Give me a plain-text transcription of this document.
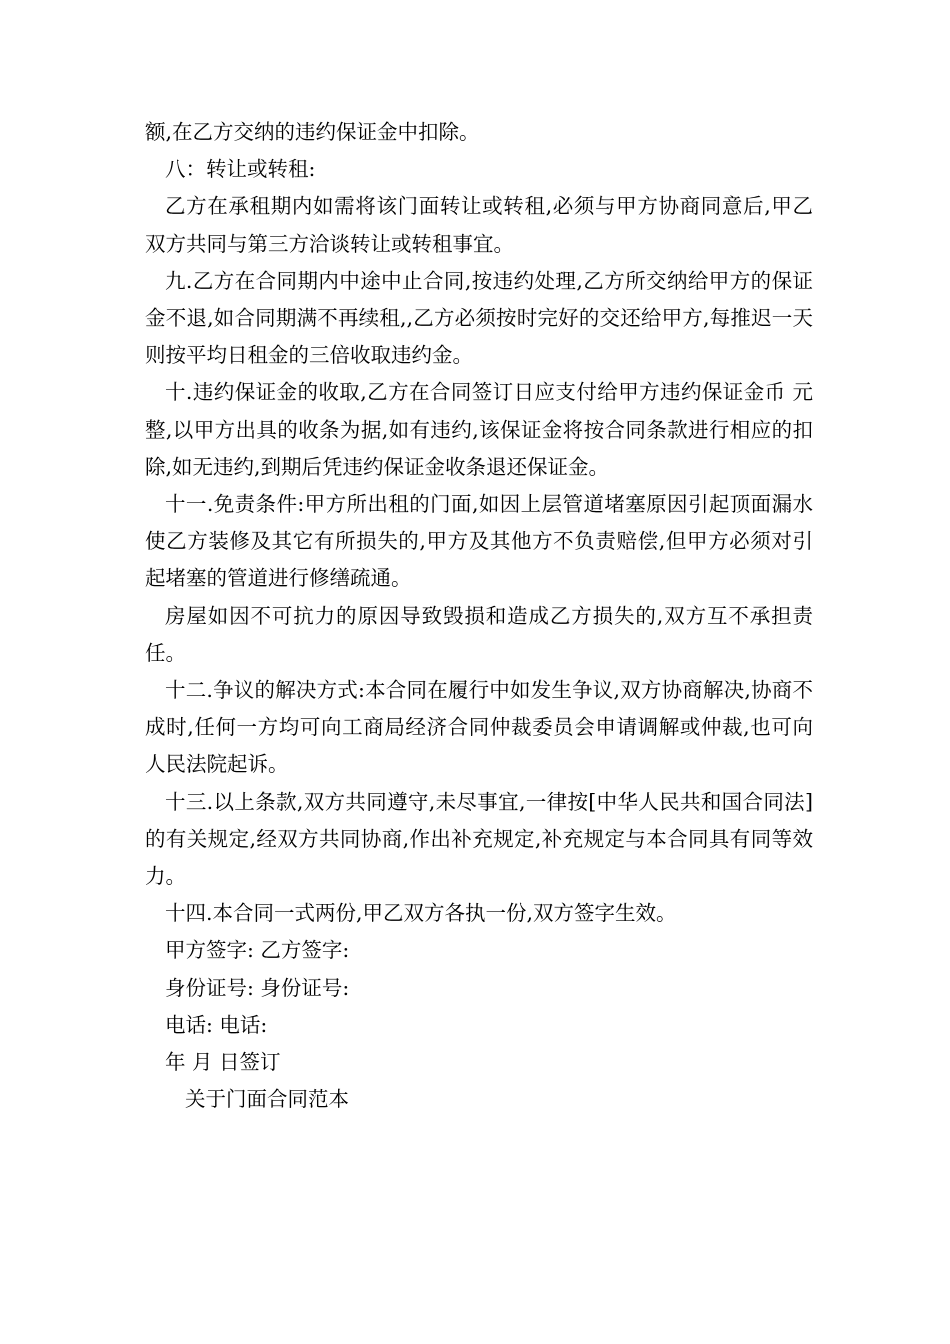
额,在乙方交纳的违约保证金中扣除。

八：转让或转租:

乙方在承租期内如需将该门面转让或转租,必须与甲方协商同意后,甲乙双方共同与第三方洽谈转让或转租事宜。

九.乙方在合同期内中途中止合同,按违约处理,乙方所交纳给甲方的保证金不退,如合同期满不再续租,,乙方必须按时完好的交还给甲方,每推迟一天则按平均日租金的三倍收取违约金。

十.违约保证金的收取,乙方在合同签订日应支付给甲方违约保证金币 元整,以甲方出具的收条为据,如有违约,该保证金将按合同条款进行相应的扣除,如无违约,到期后凭违约保证金收条退还保证金。

十一.免责条件:甲方所出租的门面,如因上层管道堵塞原因引起顶面漏水使乙方装修及其它有所损失的,甲方及其他方不负责赔偿,但甲方必须对引起堵塞的管道进行修缮疏通。

房屋如因不可抗力的原因导致毁损和造成乙方损失的,双方互不承担责任。

十二.争议的解决方式:本合同在履行中如发生争议,双方协商解决,协商不成时,任何一方均可向工商局经济合同仲裁委员会申请调解或仲裁,也可向人民法院起诉。

十三.以上条款,双方共同遵守,未尽事宜,一律按[中华人民共和国合同法]的有关规定,经双方共同协商,作出补充规定,补充规定与本合同具有同等效力。

十四.本合同一式两份,甲乙双方各执一份,双方签字生效。

甲方签字: 乙方签字:

身份证号: 身份证号:

电话: 电话:

年 月 日签订

关于门面合同范本
